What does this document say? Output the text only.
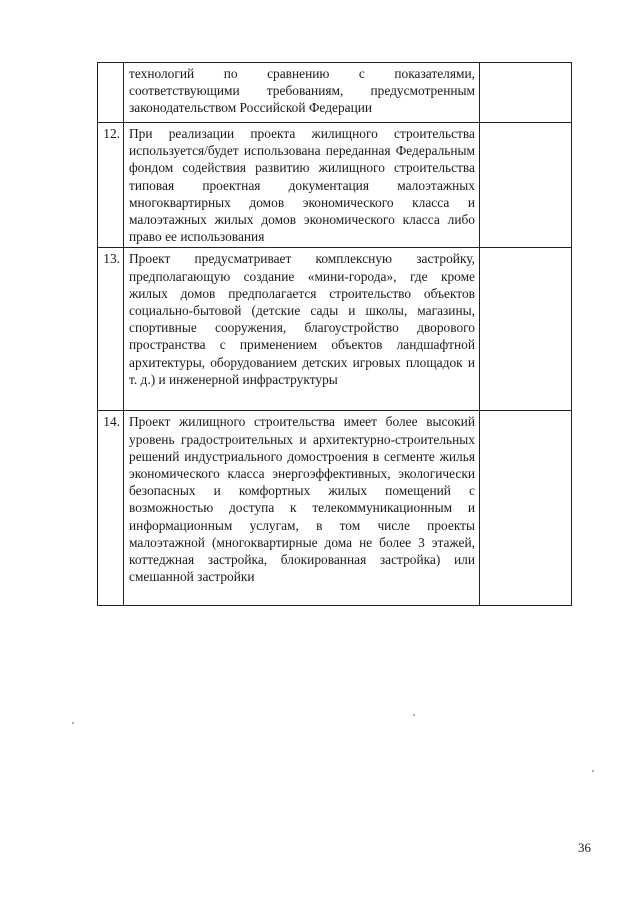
	технологий по сравнению с показателями, соответствующими требованиям, предусмотренным законодательством Российской Федерации	
12.	При реализации проекта жилищного строительства используется/будет использована переданная Федеральным фондом содействия развитию жилищного строительства типовая проектная документация малоэтажных многоквартирных домов экономического класса и малоэтажных жилых домов экономического класса либо право ее использования	
13.	Проект предусматривает комплексную застройку, предполагающую создание «мини-города», где кроме жилых домов предполагается строительство объектов социально-бытовой (детские сады и школы, магазины, спортивные сооружения, благоустройство дворового пространства с применением объектов ландшафтной архитектуры, оборудованием детских игровых площадок и т. д.) и инженерной инфраструктуры	
14.	Проект жилищного строительства имеет более высокий уровень градостроительных и архитектурно-строительных решений индустриального домостроения в сегменте жилья экономического класса энергоэффективных, экологически безопасных и комфортных жилых помещений с возможностью доступа к телекоммуникационным и информационным услугам, в том числе проекты малоэтажной (многоквартирные дома не более 3 этажей, коттеджная застройка, блокированная застройка) или смешанной застройки	
36
